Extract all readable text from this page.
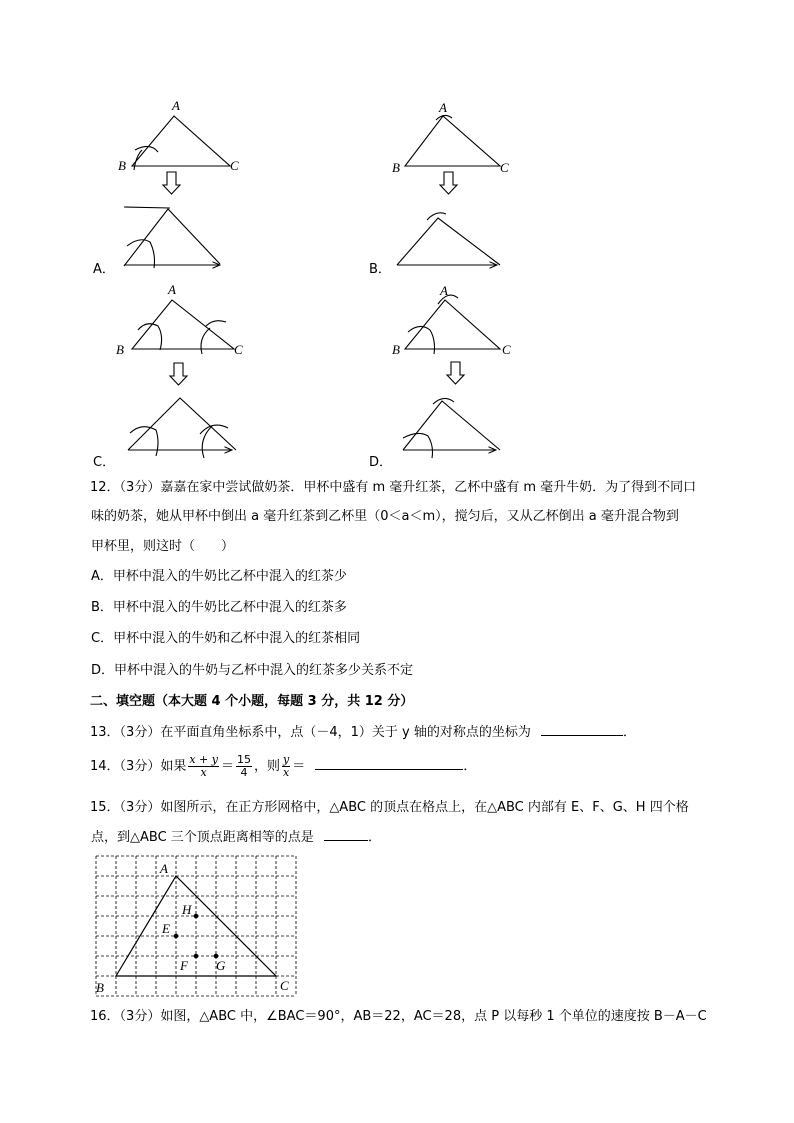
A
B	C
A．
A
B	C
B．
A
B	C
C．
A
B	C
D．
12．（3分）嘉嘉在家中尝试做奶茶．甲杯中盛有 m 毫升红茶，乙杯中盛有 m 毫升牛奶．为了得到不同口
味的奶茶，她从甲杯中倒出 a 毫升红茶到乙杯里（0＜a＜m），搅匀后，又从乙杯倒出 a 毫升混合物到
甲杯里，则这时（　　）
A．甲杯中混入的牛奶比乙杯中混入的红茶少
B．甲杯中混入的牛奶比乙杯中混入的红茶多
C．甲杯中混入的牛奶和乙杯中混入的红茶相同
D．甲杯中混入的牛奶与乙杯中混入的红茶多少关系不定
二、填空题（本大题 4 个小题，每题 3 分，共 12 分）
13．（3分）在平面直角坐标系中，点（－4，1）关于 y 轴的对称点的坐标为	．
14．（3分）如果 $\frac{x + y}{x} = \frac{15}{4}$ ，则 $\frac{y}{x}$ ＝	．
15．（3分）如图所示，在正方形网格中，△ABC 的顶点在格点上，在△ABC 内部有 E、F、G、H 四个格
点，到△ABC 三个顶点距离相等的点是	．
A
B	C
H
E
F G
16．（3分）如图，△ABC 中，∠BAC＝90°，AB＝22，AC＝28，点 P 以每秒 1 个单位的速度按 B－A－C
